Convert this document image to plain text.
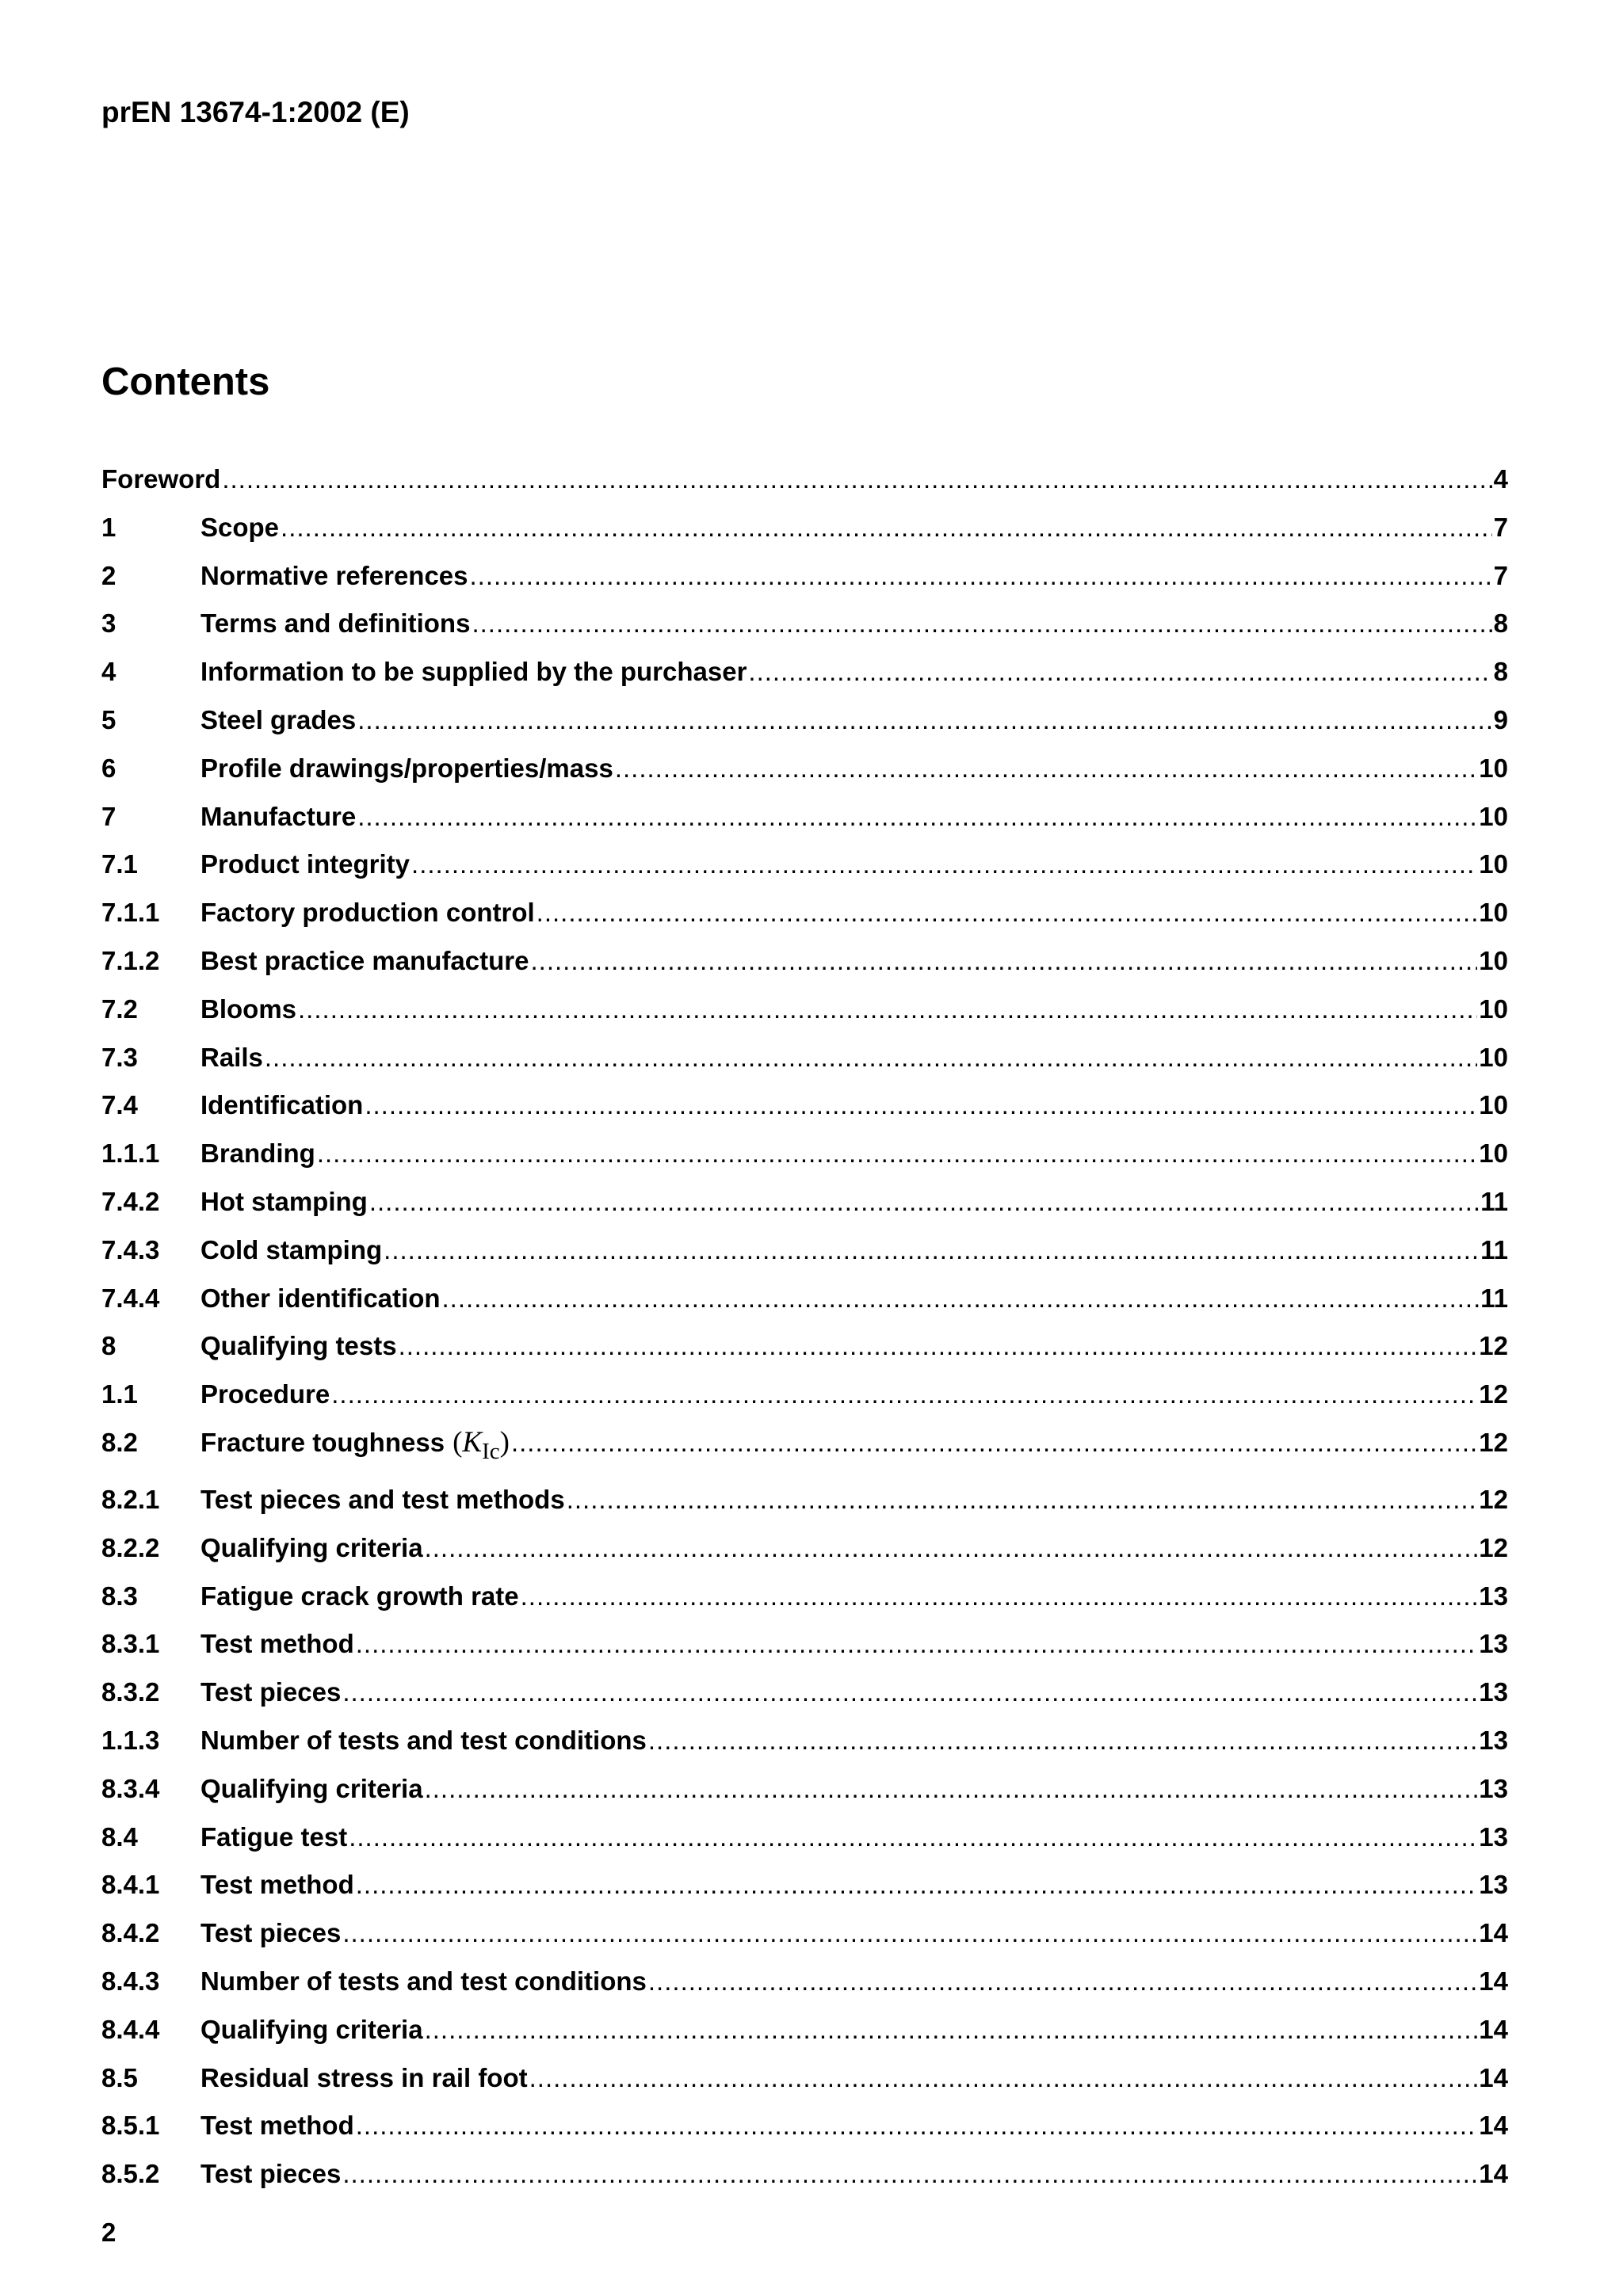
prEN 13674-1:2002 (E)
Contents
Foreword .....	4
1	Scope .....	7
2	Normative references .....	7
3	Terms and definitions .....	8
4	Information to be supplied by the purchaser .....	8
5	Steel grades .....	9
6	Profile drawings/properties/mass .....	10
7	Manufacture .....	10
7.1	Product integrity .....	10
7.1.1	Factory production control .....	10
7.1.2	Best practice manufacture .....	10
7.2	Blooms .....	10
7.3	Rails .....	10
7.4	Identification .....	10
1.1.1	Branding .....	10
7.4.2	Hot stamping .....	11
7.4.3	Cold stamping .....	11
7.4.4	Other identification .....	11
8	Qualifying tests .....	12
1.1	Procedure .....	12
8.2	Fracture toughness $(K_{Ic})$ .....	12
8.2.1	Test pieces and test methods .....	12
8.2.2	Qualifying criteria .....	12
8.3	Fatigue crack growth rate .....	13
8.3.1	Test method .....	13
8.3.2	Test pieces .....	13
1.1.3	Number of tests and test conditions .....	13
8.3.4	Qualifying criteria .....	13
8.4	Fatigue test .....	13
8.4.1	Test method .....	13
8.4.2	Test pieces .....	14
8.4.3	Number of tests and test conditions .....	14
8.4.4	Qualifying criteria .....	14
8.5	Residual stress in rail foot .....	14
8.5.1	Test method .....	14
8.5.2	Test pieces .....	14
2
